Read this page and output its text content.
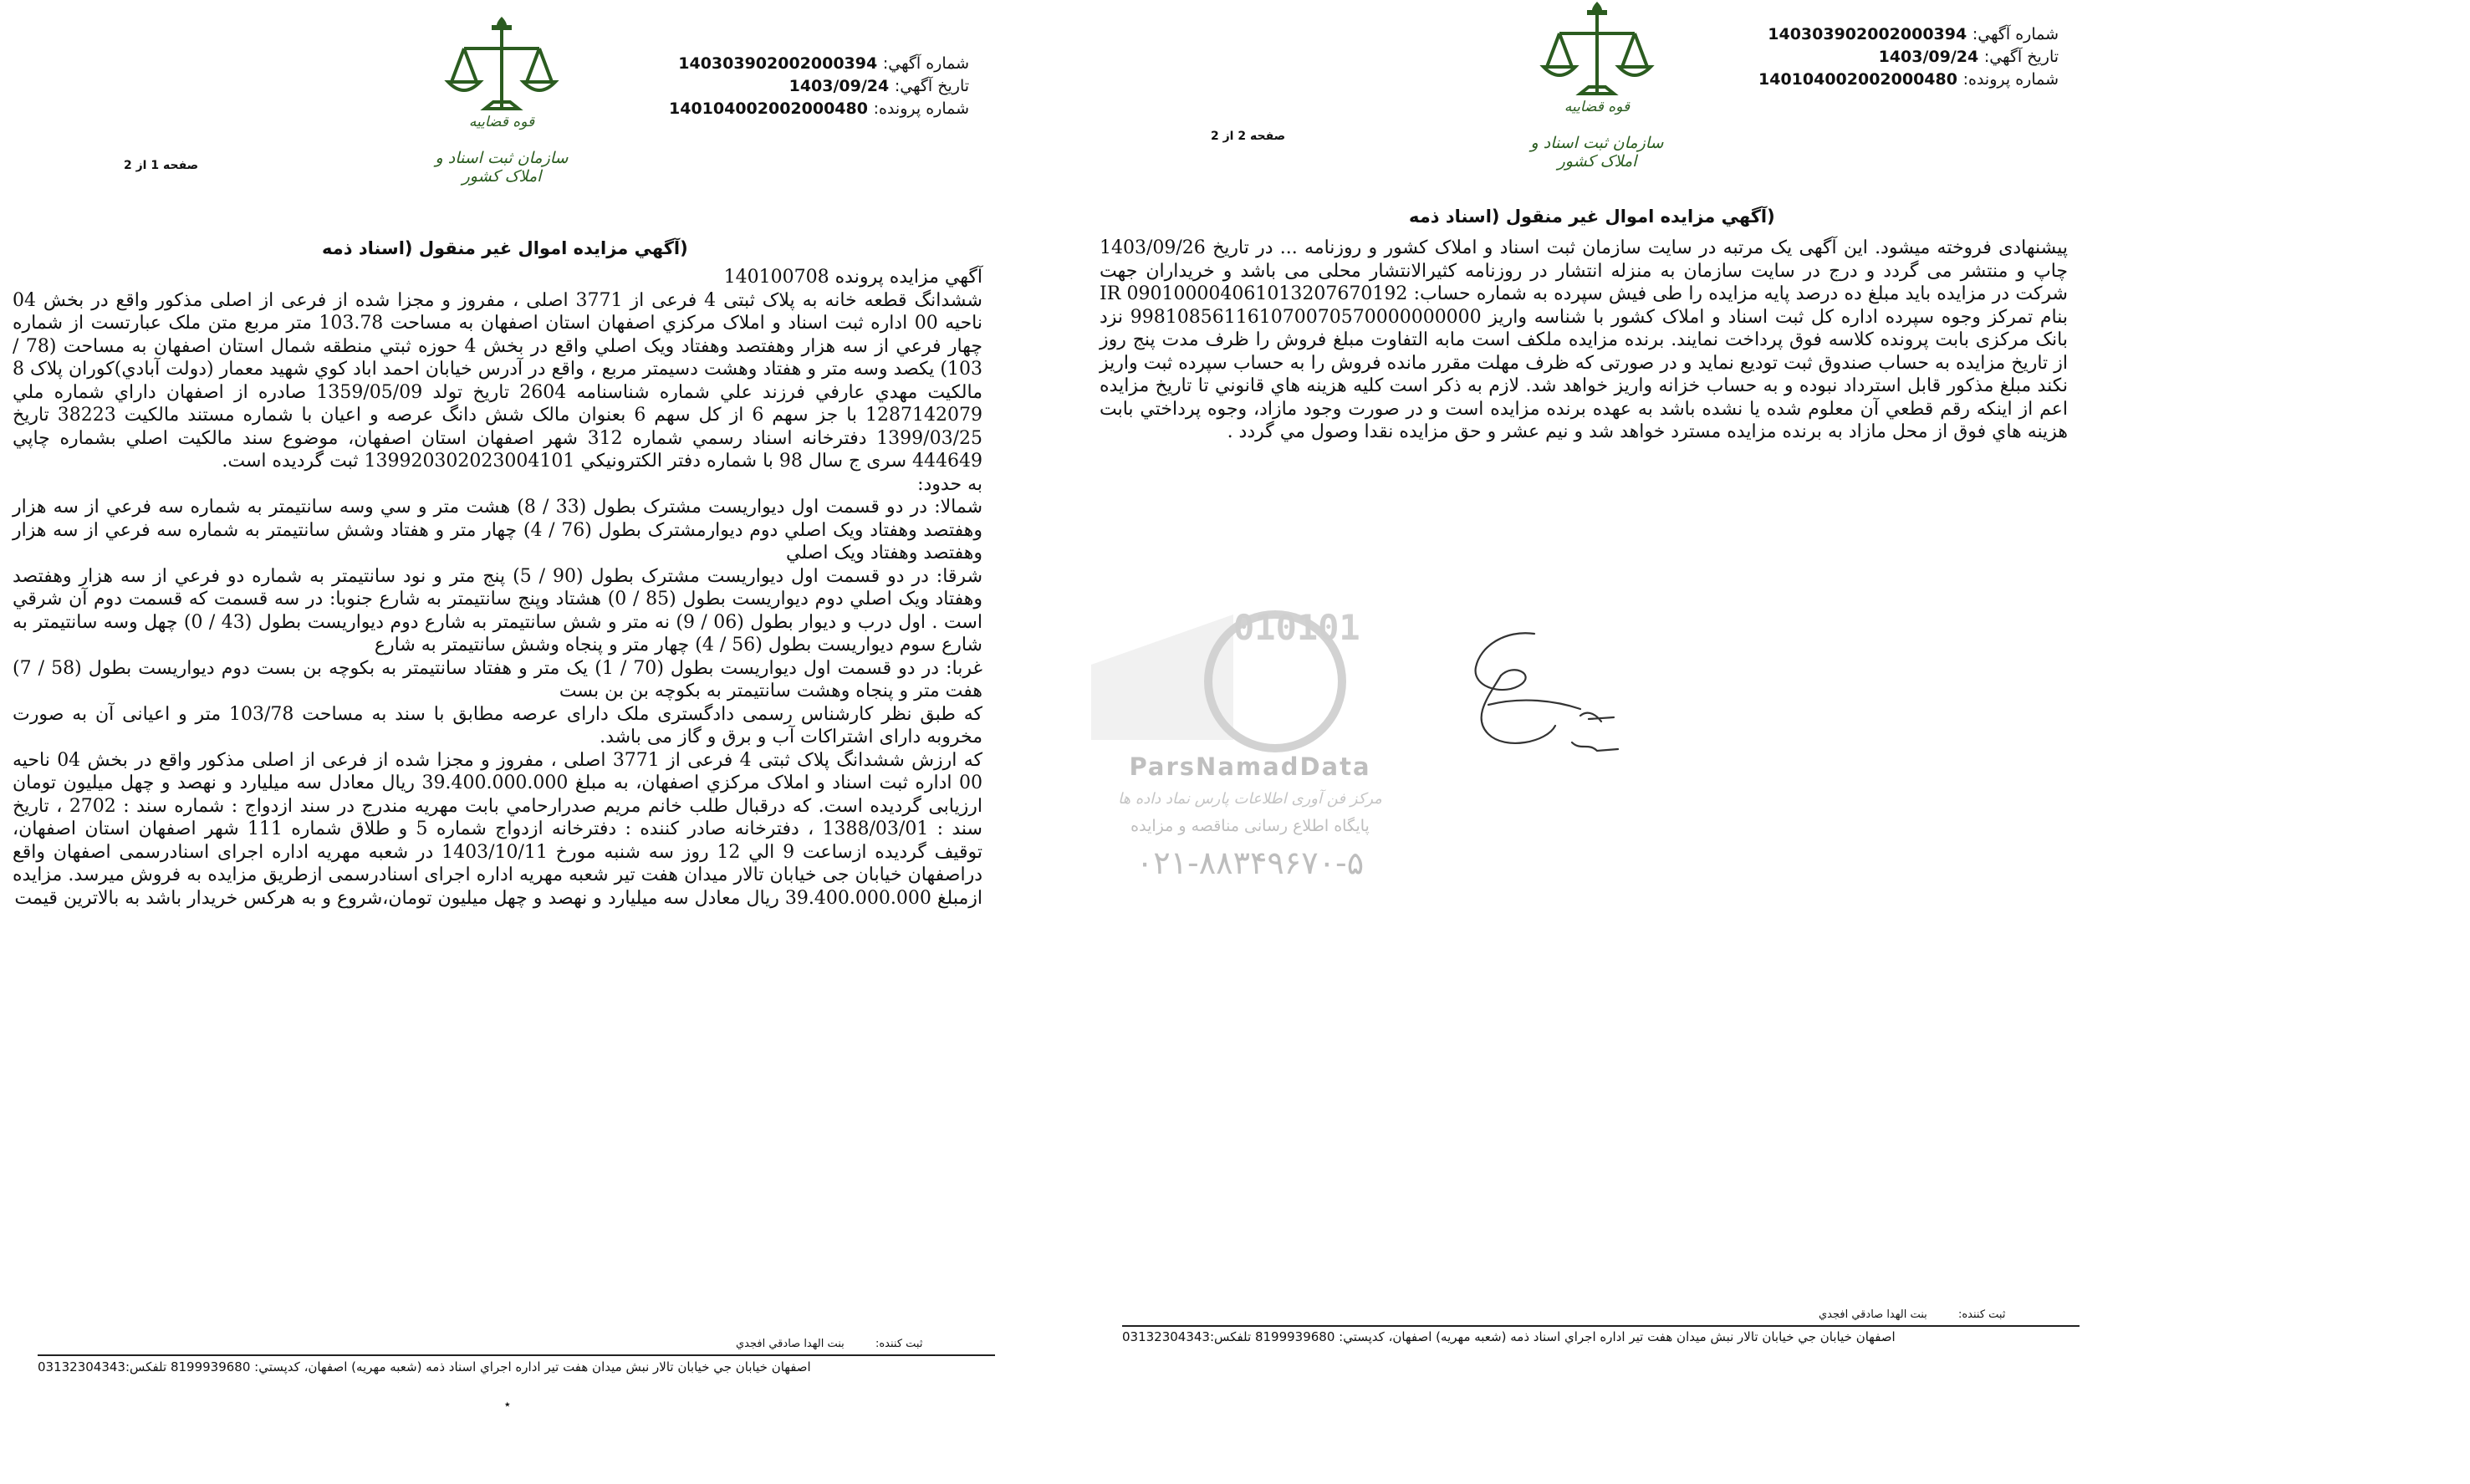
قوه قضاييه
سازمان ثبت اسناد و املاک کشور
شماره آگهي: 140303902002000394
تاريخ آگهي: 1403/09/24
شماره پرونده: 140104002002000480
صفحه 1 از 2
(آگهي مزايده اموال غير منقول (اسناد ذمه

آگهي مزايده پرونده 140100708

ششدانگ قطعه خانه به پلاک ثبتی 4 فرعی از 3771 اصلی ، مفروز و مجزا شده از فرعی از اصلی مذکور واقع در بخش 04 ناحيه 00 اداره ثبت اسناد و املاک مرکزي اصفهان استان اصفهان به مساحت 103.78 متر مربع متن ملک عبارتست از شماره چهار فرعي از سه هزار وهفتصد وهفتاد ويک اصلي واقع در بخش 4 حوزه ثبتي منطقه شمال استان اصفهان به مساحت (78 / 103) يکصد وسه متر و هفتاد وهشت دسيمتر مربع ، واقع در آدرس خيابان احمد اباد کوي شهيد معمار (دولت آبادي)کوران پلاک 8 مالکيت مهدي عارفي فرزند علي شماره شناسنامه 2604 تاريخ تولد 1359/05/09 صادره از اصفهان داراي شماره ملي 1287142079 با جز سهم 6 از کل سهم 6 بعنوان مالک شش دانگ عرصه و اعيان با شماره مستند مالکيت 38223 تاريخ 1399/03/25 دفترخانه اسناد رسمي شماره 312 شهر اصفهان استان اصفهان، موضوع سند مالکيت اصلي بشماره چاپي 444649 سری ج سال 98 با شماره دفتر الکترونيکي 139920302023004101 ثبت گرديده است.

به حدود:

شمالا: در دو قسمت اول ديواريست مشترک بطول (33 / 8) هشت متر و سي وسه سانتيمتر به شماره سه فرعي از سه هزار وهفتصد وهفتاد ويک اصلي دوم ديوارمشترک بطول (76 / 4) چهار متر و هفتاد وشش سانتيمتر به شماره سه فرعي از سه هزار وهفتصد وهفتاد ويک اصلي

شرقا: در دو قسمت اول ديواريست مشترک بطول (90 / 5) پنج متر و نود سانتيمتر به شماره دو فرعي از سه هزار وهفتصد وهفتاد ويک اصلي دوم ديواريست بطول (85 / 0) هشتاد وپنج سانتيمتر به شارع جنوبا: در سه قسمت که قسمت دوم آن شرقي است . اول درب و ديوار بطول (06 / 9) نه متر و شش سانتيمتر به شارع دوم ديواريست بطول (43 / 0) چهل وسه سانتيمتر به شارع سوم ديواريست بطول (56 / 4) چهار متر و پنجاه وشش سانتيمتر به شارع

غربا: در دو قسمت اول ديواريست بطول (70 / 1) يک متر و هفتاد سانتيمتر به بکوچه بن بست دوم ديواريست بطول (58 / 7) هفت متر و پنجاه وهشت سانتيمتر به بکوچه بن بن بست

که طبق نظر کارشناس رسمی دادگستری ملک دارای عرصه مطابق با سند به مساحت 103/78 متر و اعیانی آن به صورت مخروبه دارای اشتراکات آب و برق و گاز می باشد.

که ارزش ششدانگ پلاک ثبتی 4 فرعی از 3771 اصلی ، مفروز و مجزا شده از فرعی از اصلی مذکور واقع در بخش 04 ناحيه 00 اداره ثبت اسناد و املاک مرکزي اصفهان، به مبلغ 39.400.000.000 ريال معادل سه ميليارد و نهصد و چهل ميليون تومان ارزيابی گرديده است. که درقبال طلب خانم مريم صدرارحامي بابت مهريه مندرج در سند ازدواج : شماره سند : 2702 ، تاريخ سند : 1388/03/01 ، دفترخانه صادر کننده : دفترخانه ازدواج شماره 5 و طلاق شماره 111 شهر اصفهان استان اصفهان، توقيف گرديده ازساعت 9 الي 12 روز سه شنبه مورخ 1403/10/11 در شعبه مهريه اداره اجرای اسنادرسمی اصفهان واقع دراصفهان خيابان جی خيابان تالار ميدان هفت تير شعبه مهريه اداره اجرای اسنادرسمی ازطريق مزايده به فروش ميرسد. مزايده ازمبلغ 39.400.000.000 ريال معادل سه ميليارد و نهصد و چهل ميليون تومان،شروع و به هرکس خريدار باشد به بالاترين قيمت

ثبت کننده:         بنت الهدا صادقي افجدي
اصفهان خيابان جي خيابان تالار نبش ميدان هفت تير اداره اجراي اسناد ذمه (شعبه مهريه) اصفهان، کدپستي: 8199939680 تلفكس:03132304343
٭
شماره آگهي: 140303902002000394
تاريخ آگهي: 1403/09/24
شماره پرونده: 140104002002000480
صفحه 2 از 2
(آگهي مزايده اموال غير منقول (اسناد ذمه

پيشنهادی فروخته ميشود. اين آگهی يک مرتبه در سايت سازمان ثبت اسناد و املاک کشور و روزنامه ... در تاريخ 1403/09/26 چاپ و منتشر می گردد و درج در سايت سازمان به منزله انتشار در روزنامه کثيرالانتشار محلی می باشد و خريداران جهت شرکت در مزايده بايد مبلغ ده درصد پايه مزايده را طی فيش سپرده به شماره حساب: IR 090100004061013207670192 بنام تمرکز وجوه سپرده اداره کل ثبت اسناد و املاک کشور با شناسه واريز 998108561161070070570000000000 نزد بانک مرکزی بابت پرونده کلاسه فوق پرداخت نمايند. برنده مزايده ملکف است مابه التفاوت مبلغ فروش را ظرف مدت پنج روز از تاريخ مزايده به حساب صندوق ثبت توديع نمايد و در صورتی که ظرف مهلت مقرر مانده فروش را به حساب سپرده ثبت واريز نکند مبلغ مذکور قابل استرداد نبوده و به حساب خزانه واريز خواهد شد. لازم به ذکر است کليه هزينه هاي قانوني تا تاريخ مزايده اعم از اينکه رقم قطعي آن معلوم شده يا نشده باشد به عهده برنده مزايده است و در صورت وجود مازاد، وجوه پرداختي بابت هزينه هاي فوق از محل مازاد به برنده مزايده مسترد خواهد شد و نيم عشر و حق مزايده نقدا وصول مي گردد .

ثبت کننده:         بنت الهدا صادقي افجدي
اصفهان خيابان جي خيابان تالار نبش ميدان هفت تير اداره اجراي اسناد ذمه (شعبه مهريه) اصفهان، کدپستي: 8199939680 تلفكس:03132304343
قوه قضاييه
سازمان ثبت اسناد و املاک کشور
010101
ParsNamadData
مرکز فن آوری اطلاعات پارس نماد داده ها
پايگاه اطلاع رسانی مناقصه و مزايده
۰۲۱-۸۸۳۴۹۶۷۰-۵
